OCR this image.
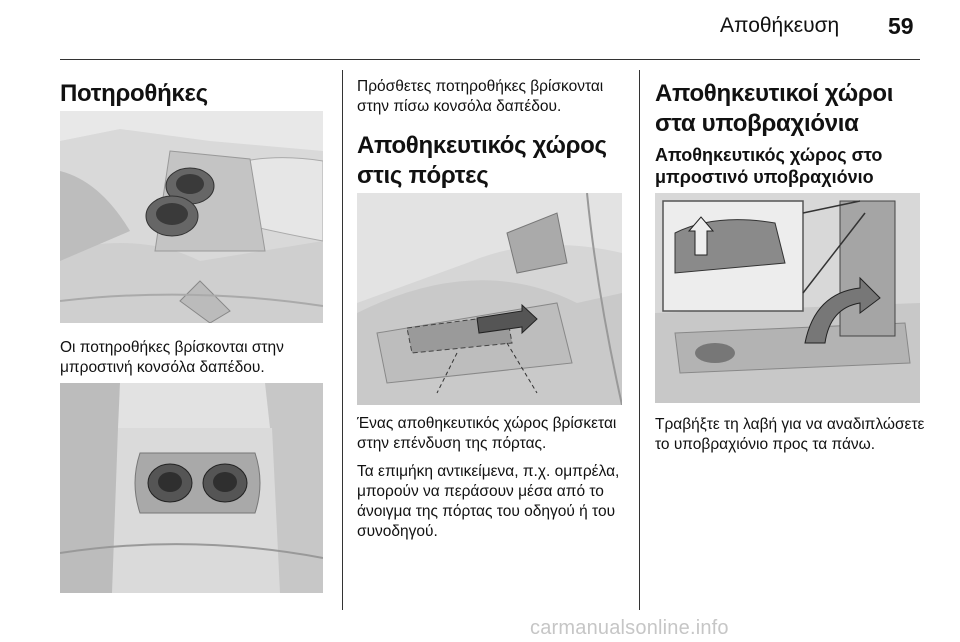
Αποθήκευση 59
Ποτηροθήκες
Οι ποτηροθήκες βρίσκονται στην μπροστινή κονσόλα δαπέδου.
Πρόσθετες ποτηροθήκες βρίσκονται στην πίσω κονσόλα δαπέδου.
Αποθηκευτικός χώρος στις πόρτες

Ένας αποθηκευτικός χώρος βρίσκεται στην επένδυση της πόρτας.

Τα επιμήκη αντικείμενα, π.χ. ομπρέλα, μπορούν να περάσουν μέσα από το άνοιγμα της πόρτας του οδηγού ή του συνοδηγού.

Αποθηκευτικοί χώροι στα υποβραχιόνια
Αποθηκευτικός χώρος στο μπροστινό υποβραχιόνιο
Τραβήξτε τη λαβή για να αναδιπλώσετε το υποβραχιόνιο προς τα πάνω.
carmanualsonline.info
